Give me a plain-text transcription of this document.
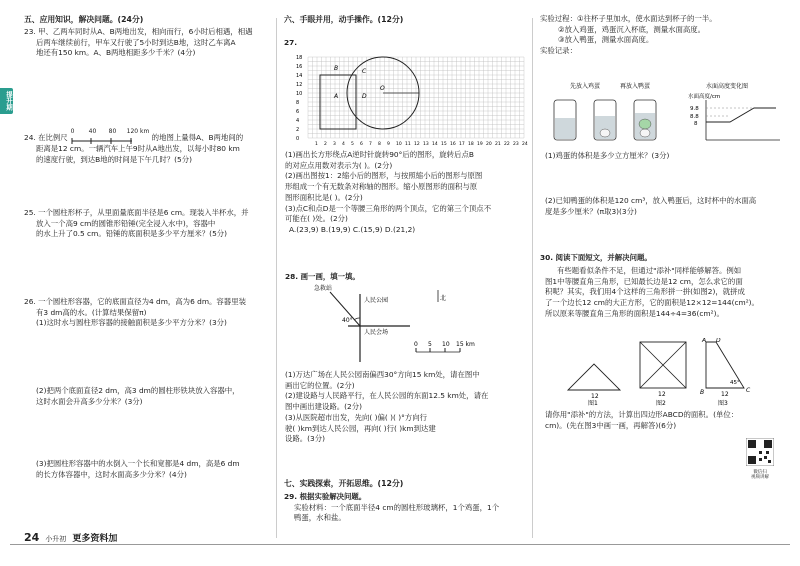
提升期
五、应用知识，解决问题。(24分)
23. 甲、乙两车同时从A、B两地出发，相向而行，6小时后相遇，相遇
后两车继续前行，甲车又行驶了5小时到达B地，这时乙车离A
地还有150 km。A、B两地相距多少千米？(4分)
24. 在比例尺
0 40 80 120 km
的地图上量得A、B两地间的
距离是12 cm。一辆汽车上午9时从A地出发，以每小时80 km
的速度行驶，到达B地的时间是下午几时？(5分)
25. 一个圆柱形杯子，从里面量底面半径是6 cm。现装入半杯水，并
放入一个高9 cm的圆锥形铅锤(完全浸入水中)，容器中
的水上升了0.5 cm。铅锤的底面积是多少平方厘米？(5分)
26. 一个圆柱形容器，它的底面直径为4 dm，高为6 dm。容器里装
有3 dm高的水。(计算结果保留π)
(1)这时水与圆柱形容器的接触面积是多少平方分米？(3分)
(2)把两个底面直径2 dm，高3 dm的圆柱形铁块放入容器中，
这时水面会升高多少分米？(3分)
(3)把圆柱形容器中的水倒入一个长和宽都是4 dm，高是6 dm
的长方体容器中，这时水面高多少分米？(4分)
24 小升初 更多资料加
六、手眼并用，动手操作。(12分)
27.
18
16
14
12
10
8
6
4
2
0
1 2 3 4 5 6 7 8 9 10 11 12 13 14 15 16 17 18 19 20 21 22 23 24
B
A	D
C
O
(1)画出长方形绕点A逆时针旋转90°后的图形，旋转后点B
的对应点用数对表示为( )。(2分)
(2)画出图按1：2缩小后的图形，与按照缩小后的图形与原图
形组成一个有无数条对称轴的图形。缩小原图形的面积与原
图形面积比是( )。(2分)
(3)点C和点D是一个等腰三角形的两个顶点，它的第三个顶点不
可能在( )处。(2分)
A.(23,9) B.(19,9) C.(15,9) D.(21,2)
28. 画一画，填一填。
急救站
人民公园	北
40°
人民会场
0 5 10 15 km
(1)万达广场在人民公园南偏西30°方向15 km处，请在图中
画出它的位置。(2分)
(2)建设路与人民路平行，在人民公园的东面12.5 km处，请在
图中画出建设路。(2分)
(3)从医院超市出发，先向( )偏( )( )°方向行
驶( )km到达人民公园，再向( )行( )km到达建
设路。(3分)
七、实践探索，开拓思维。(12分)
29. 根据实验解决问题。
实验材料：一个底面半径4 cm的圆柱形玻璃杯，1个鸡蛋，1个
鸭蛋，水和盐。
实验过程：①往杯子里加水，使水面达到杯子的一半。
②放入鸡蛋，鸡蛋沉入杯底，测量水面高度。
③放入鸭蛋，测量水面高度。
实验记录：
先放入鸡蛋	再放入鸭蛋	水面高度变化图
水面高度/cm
9.8
8.8
8
(1)鸡蛋的体积是多少立方厘米？(3分)
(2)已知鸭蛋的体积是120 cm³，放入鸭蛋后，这时杯中的水面高
度是多少厘米？(π取3)(3分)
30. 阅读下面短文，并解决问题。
有些题看似条件不足，但通过"添补"同样能够解答。例如
图1中等腰直角三角形，已知最长边是12 cm，怎么求它的面
积呢？其实，我们用4个这样的三角形拼一拼(如图2)，就拼成
了一个边长12 cm的大正方形，它的面积是12×12=144(cm²)。
所以原来等腰直角三角形的面积是144÷4=36(cm²)。
12
图1
12
图2
A D
B	C
45°
12
图3
请你用"添补"的方法，计算出四边形ABCD的面积。(单位：
cm)。(先在图3中画一画，再解答)(6分)
微信扫
视频讲解
